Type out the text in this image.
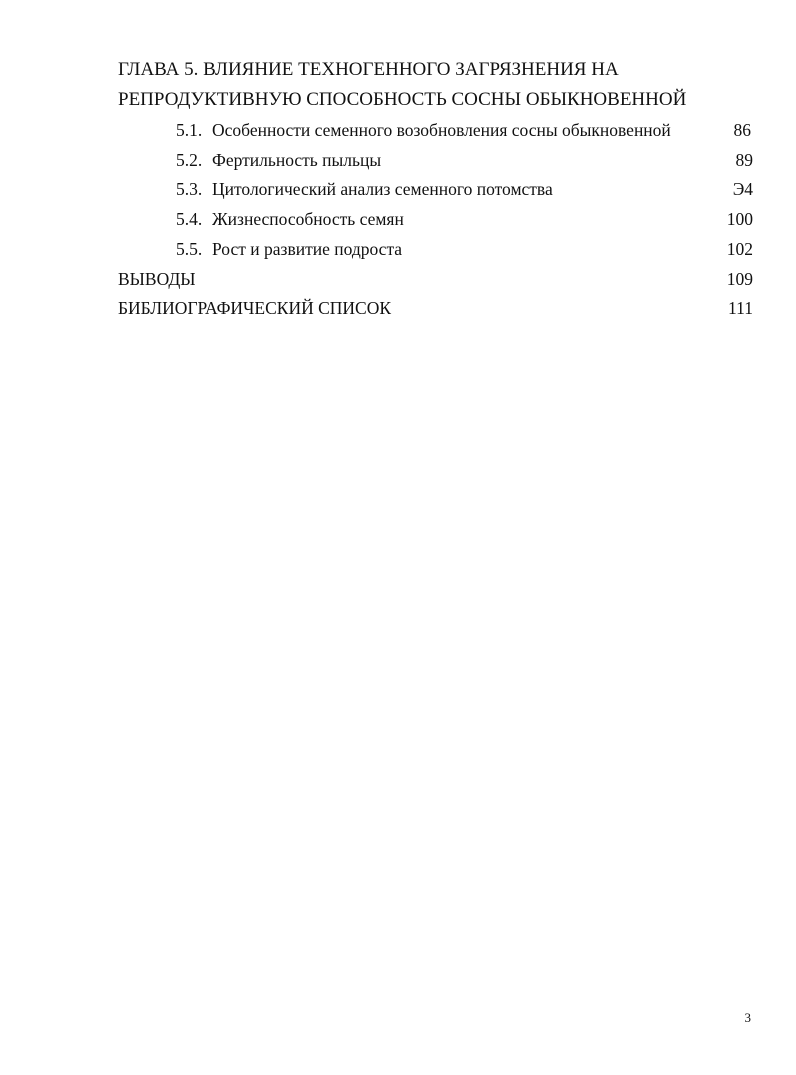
ГЛАВА 5. ВЛИЯНИЕ ТЕХНОГЕННОГО ЗАГРЯЗНЕНИЯ НА
РЕПРОДУКТИВНУЮ СПОСОБНОСТЬ СОСНЫ ОБЫКНОВЕННОЙ
5.1. Особенности семенного возобновления сосны обыкновенной	86
5.2. Фертильность пыльцы	89
5.3. Цитологический анализ семенного потомства	Э4
5.4. Жизнеспособность семян	100
5.5. Рост и развитие подроста	102
ВЫВОДЫ	109
БИБЛИОГРАФИЧЕСКИЙ СПИСОК	111
3
